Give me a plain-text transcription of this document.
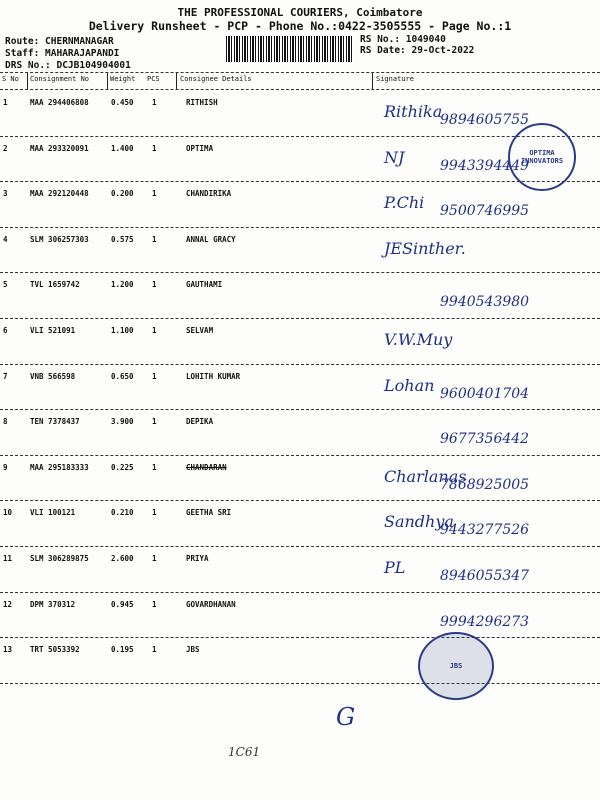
THE PROFESSIONAL COURIERS, Coimbatore
Delivery Runsheet - PCP - Phone No.:0422-3505555 - Page No.:1
Route: CHERNMANAGAR
Staff: MAHARAJAPANDI
DRS No.: DCJB104904001
RS No.: 1049040
RS Date: 29-Oct-2022
S No Consignment No	Weight PCS	Consignee Details	Signature
1	MAA 294406808	0.450 1	RITHISH	Rithika
9894605755
2	MAA 293320091	1.400 1	OPTIMA	NJ	9943394449
3	MAA 292120448	0.200 1	CHANDIRIKA	P.Chi 9500746995
4	SLM 306257303	0.575 1	ANNAL GRACY	JESinther.
5	TVL 1659742	1.200 1	GAUTHAMI
9940543980
6	VLI 521091	1.100 1	SELVAM	V.W.Muy
7	VNB 566598	0.650 1	LOHITH KUMAR	Lohan 9600401704
8	TEN 7378437	3.900 1	DEPIKA
9677356442
9	MAA 295183333	0.225 1	CHANDARAN	Charlanas
7868925005
10 VLI 100121	0.210 1	GEETHA SRI	Sandhya
9443277526
11 SLM 306289875	2.600 1	PRIYA	PL 8946055347
12 DPM 370312	0.945 1	GOVARDHANAN
9994296273
13 TRT 5053392	0.195 1	JBS
OPTIMA INNOVATORS
JBS
G
1C61
